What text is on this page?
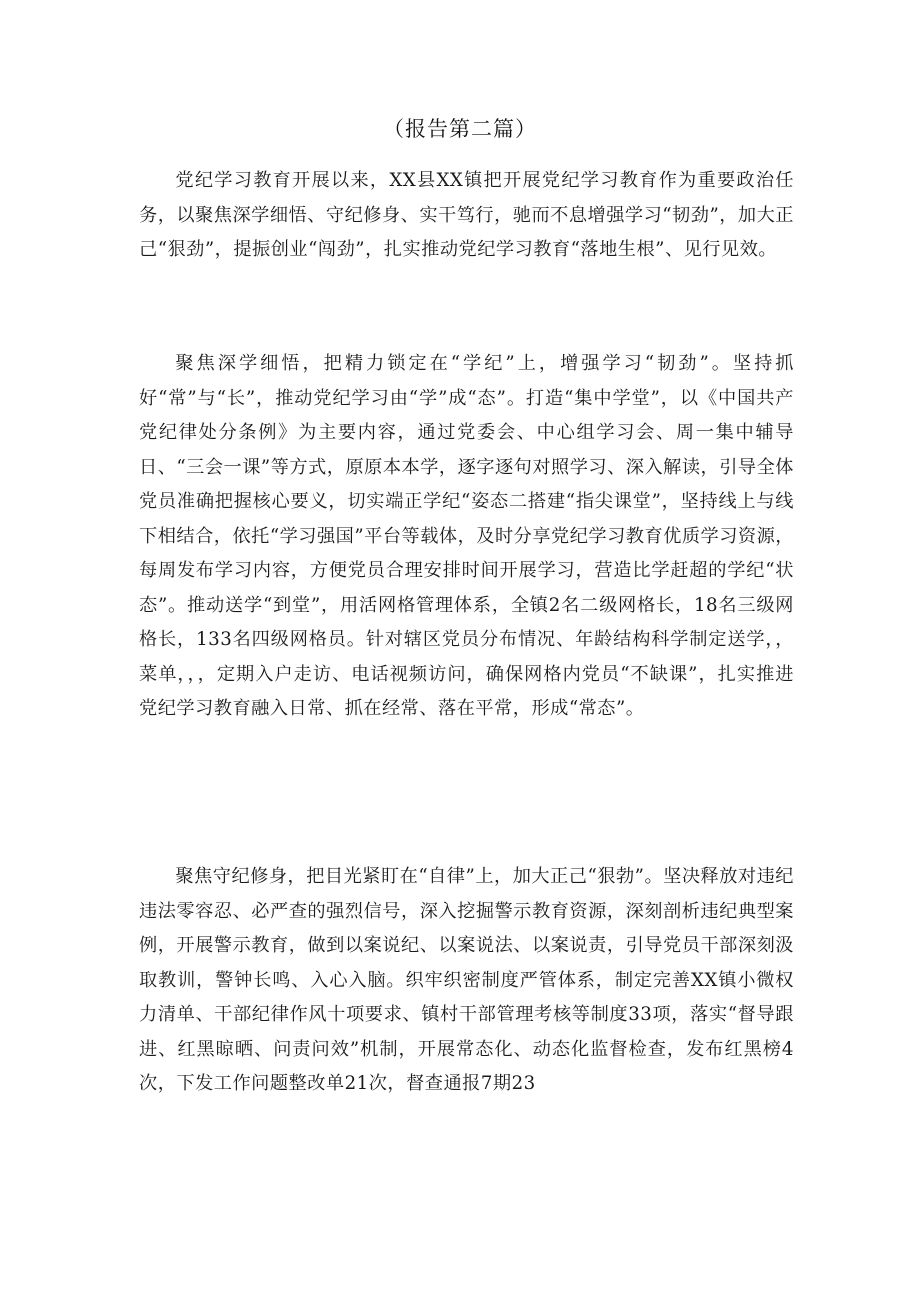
（报告第二篇）

党纪学习教育开展以来，XX县XX镇把开展党纪学习教育作为重要政治任务，以聚焦深学细悟、守纪修身、实干笃行，驰而不息增强学习“韧劲”，加大正己“狠劲”，提振创业“闯劲”，扎实推动党纪学习教育“落地生根”、见行见效。

聚焦深学细悟，把精力锁定在“学纪”上，增强学习“韧劲”。坚持抓好“常”与“长”，推动党纪学习由“学”成“态”。打造“集中学堂”，以《中国共产党纪律处分条例》为主要内容，通过党委会、中心组学习会、周一集中辅导日、“三会一课”等方式，原原本本学，逐字逐句对照学习、深入解读，引导全体党员准确把握核心要义，切实端正学纪“姿态二搭建“指尖课堂”，坚持线上与线下相结合，依托“学习强国”平台等载体，及时分享党纪学习教育优质学习资源，每周发布学习内容，方便党员合理安排时间开展学习，营造比学赶超的学纪“状态”。推动送学“到堂”，用活网格管理体系，全镇2名二级网格长，18名三级网格长，133名四级网格员。针对辖区党员分布情况、年龄结构科学制定送学，，菜单，，，定期入户走访、电话视频访问，确保网格内党员“不缺课”，扎实推进党纪学习教育融入日常、抓在经常、落在平常，形成“常态”。

聚焦守纪修身，把目光紧盯在“自律”上，加大正己“狠勃”。坚决释放对违纪违法零容忍、必严查的强烈信号，深入挖掘警示教育资源，深刻剖析违纪典型案例，开展警示教育，做到以案说纪、以案说法、以案说责，引导党员干部深刻汲取教训，警钟长鸣、入心入脑。织牢织密制度严管体系，制定完善XX镇小微权力清单、干部纪律作风十项要求、镇村干部管理考核等制度33项，落实“督导跟进、红黑晾晒、问责问效”机制，开展常态化、动态化监督检查，发布红黑榜4次，下发工作问题整改单21次，督查通报7期23
